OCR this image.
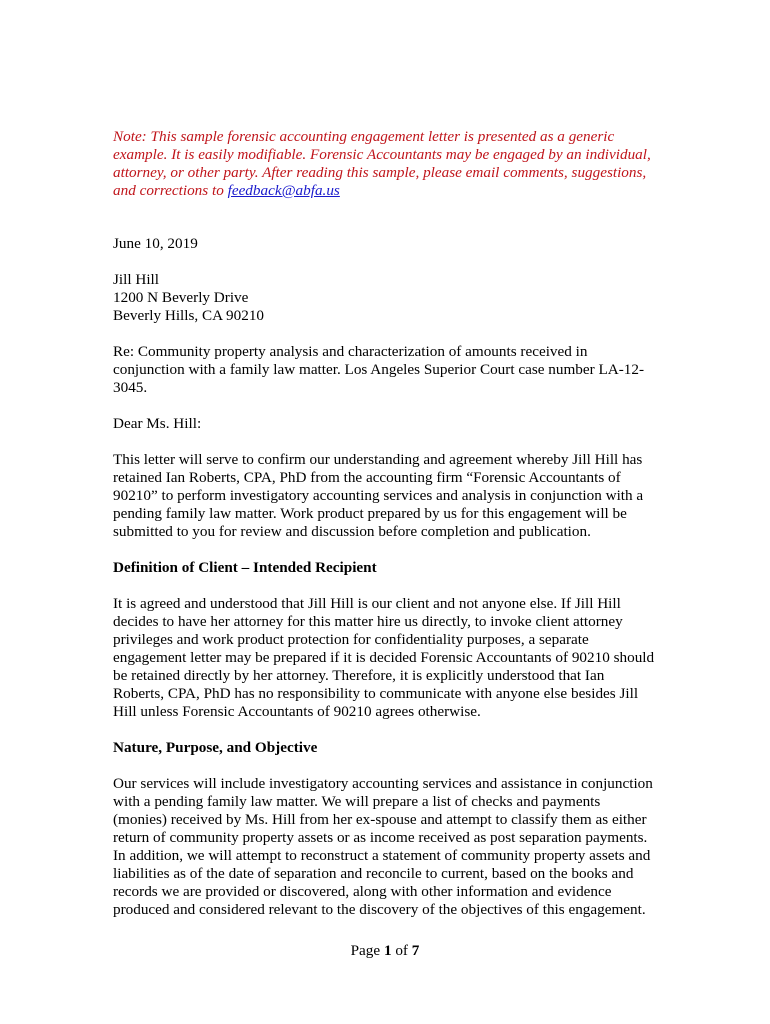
Note: This sample forensic accounting engagement letter is presented as a generic example. It is easily modifiable. Forensic Accountants may be engaged by an individual, attorney, or other party. After reading this sample, please email comments, suggestions, and corrections to feedback@abfa.us

June 10, 2019

Jill Hill

1200 N Beverly Drive

Beverly Hills, CA 90210

Re: Community property analysis and characterization of amounts received in conjunction with a family law matter. Los Angeles Superior Court case number LA-12-3045.

Dear Ms. Hill:

This letter will serve to confirm our understanding and agreement whereby Jill Hill has retained Ian Roberts, CPA, PhD from the accounting firm “Forensic Accountants of 90210” to perform investigatory accounting services and analysis in conjunction with a pending family law matter. Work product prepared by us for this engagement will be submitted to you for review and discussion before completion and publication.

Definition of Client – Intended Recipient

It is agreed and understood that Jill Hill is our client and not anyone else. If Jill Hill decides to have her attorney for this matter hire us directly, to invoke client attorney privileges and work product protection for confidentiality purposes, a separate engagement letter may be prepared if it is decided Forensic Accountants of 90210 should be retained directly by her attorney. Therefore, it is explicitly understood that Ian Roberts, CPA, PhD has no responsibility to communicate with anyone else besides Jill Hill unless Forensic Accountants of 90210 agrees otherwise.

Nature, Purpose, and Objective

Our services will include investigatory accounting services and assistance in conjunction with a pending family law matter. We will prepare a list of checks and payments (monies) received by Ms. Hill from her ex-spouse and attempt to classify them as either return of community property assets or as income received as post separation payments. In addition, we will attempt to reconstruct a statement of community property assets and liabilities as of the date of separation and reconcile to current, based on the books and records we are provided or discovered, along with other information and evidence produced and considered relevant to the discovery of the objectives of this engagement.

Page 1 of 7
